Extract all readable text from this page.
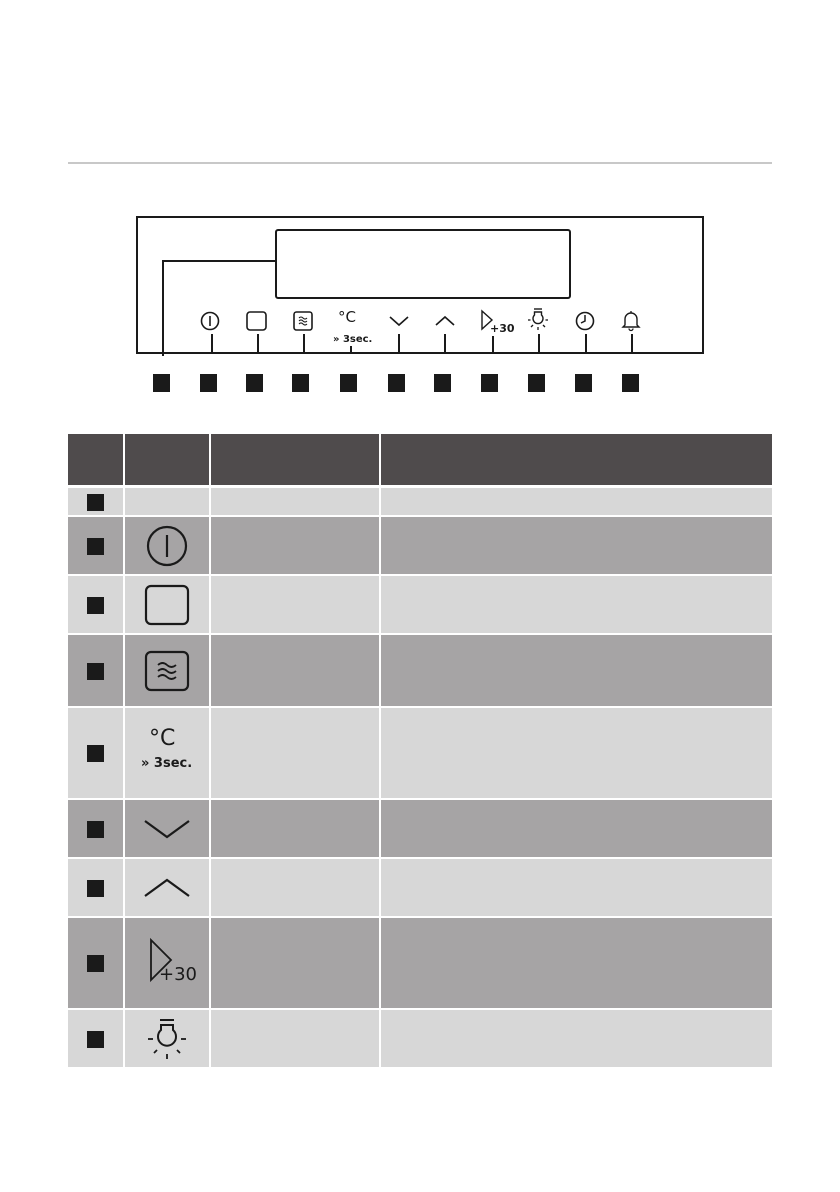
°C
» 3sec.
+30
°C
» 3sec.
+30
